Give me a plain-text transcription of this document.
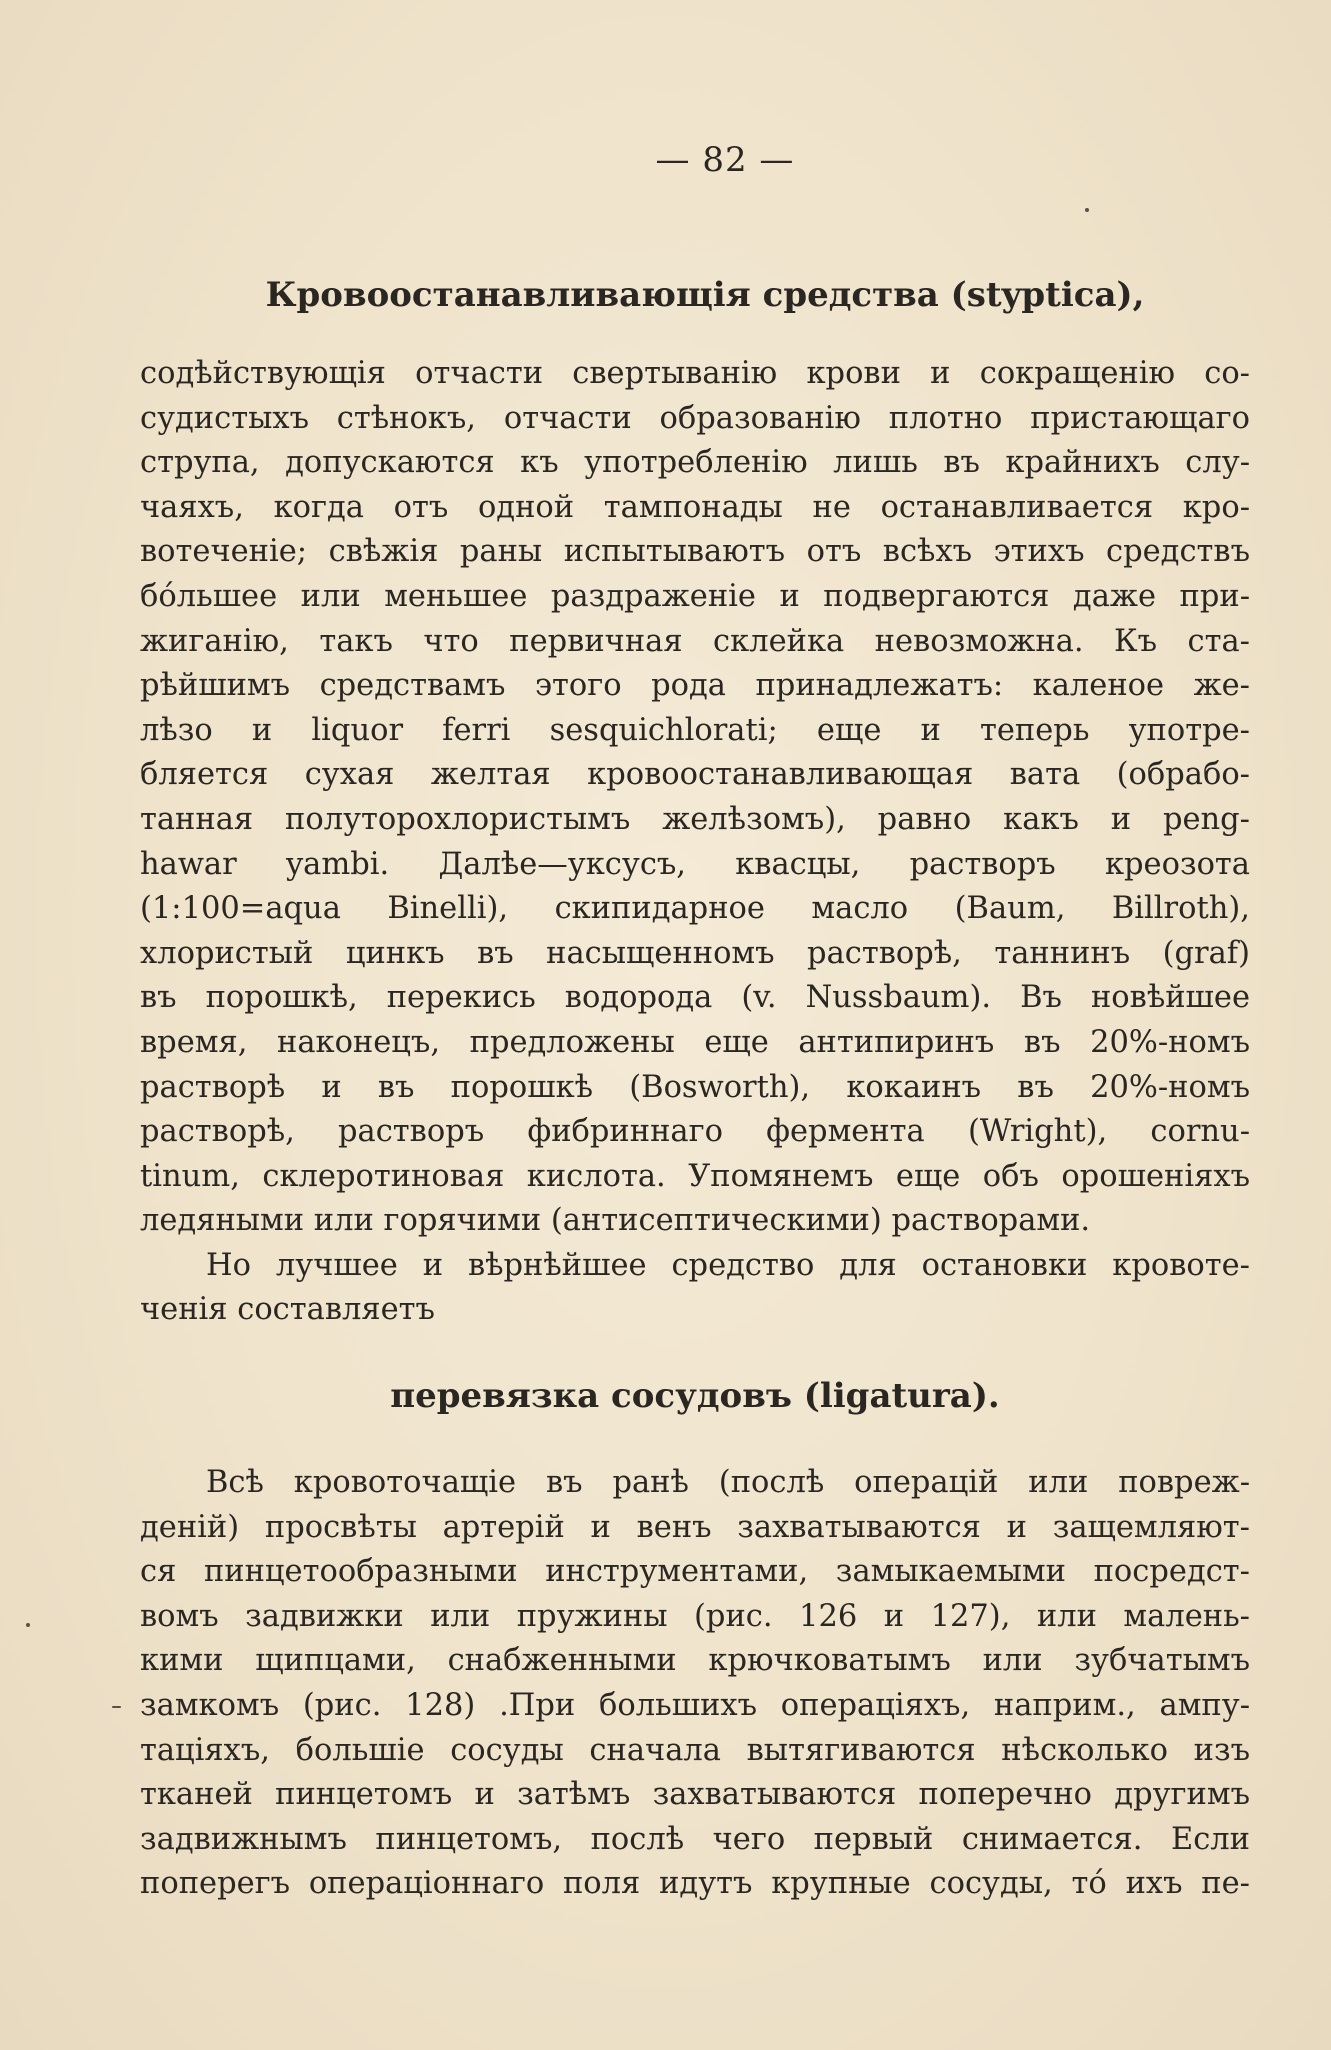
— 82 —
Кровоостанавливающія средства (styptica),
содѣйствующія отчасти свертыванію крови и сокращенію со-
судистыхъ стѣнокъ, отчасти образованію плотно пристающаго
струпа, допускаются къ употребленію лишь въ крайнихъ слу-
чаяхъ, когда отъ одной тампонады не останавливается кро-
вотеченіе; свѣжія раны испытываютъ отъ всѣхъ этихъ средствъ
бо́льшее или меньшее раздраженіе и подвергаются даже при-
жиганію, такъ что первичная склейка невозможна. Къ ста-
рѣйшимъ средствамъ этого рода принадлежатъ: каленое же-
лѣзо и liquor ferri sesquichlorati; еще и теперь употре-
бляется сухая желтая кровоостанавливающая вата (обрабо-
танная полуторохлористымъ желѣзомъ), равно какъ и peng-
hawar yambi. Далѣе—уксусъ, квасцы, растворъ креозота
(1:100=aqua Binelli), скипидарное масло (Baum, Billroth),
хлористый цинкъ въ насыщенномъ растворѣ, таннинъ (graf)
въ порошкѣ, перекись водорода (v. Nussbaum). Въ новѣйшее
время, наконецъ, предложены еще антипиринъ въ 20%-номъ
растворѣ и въ порошкѣ (Bosworth), кокаинъ въ 20%-номъ
растворѣ, растворъ фибриннаго фермента (Wright), cornu-
tinum, склеротиновая кислота. Упомянемъ еще объ орошеніяхъ
ледяными или горячими (антисептическими) растворами.
Но лучшее и вѣрнѣйшее средство для остановки кровоте-
ченія составляетъ
перевязка сосудовъ (ligatura).
Всѣ кровоточащіе въ ранѣ (послѣ операцій или повреж-
деній) просвѣты артерій и венъ захватываются и защемляют-
ся пинцетообразными инструментами, замыкаемыми посредст-
вомъ задвижки или пружины (рис. 126 и 127), или малень-
кими щипцами, снабженными крючковатымъ или зубчатымъ
замкомъ (рис. 128) .При большихъ операціяхъ, наприм., ампу-
таціяхъ, большіе сосуды сначала вытягиваются нѣсколько изъ
тканей пинцетомъ и затѣмъ захватываются поперечно другимъ
задвижнымъ пинцетомъ, послѣ чего первый снимается. Если
поперегъ операціоннаго поля идутъ крупные сосуды, то́ ихъ пе-
